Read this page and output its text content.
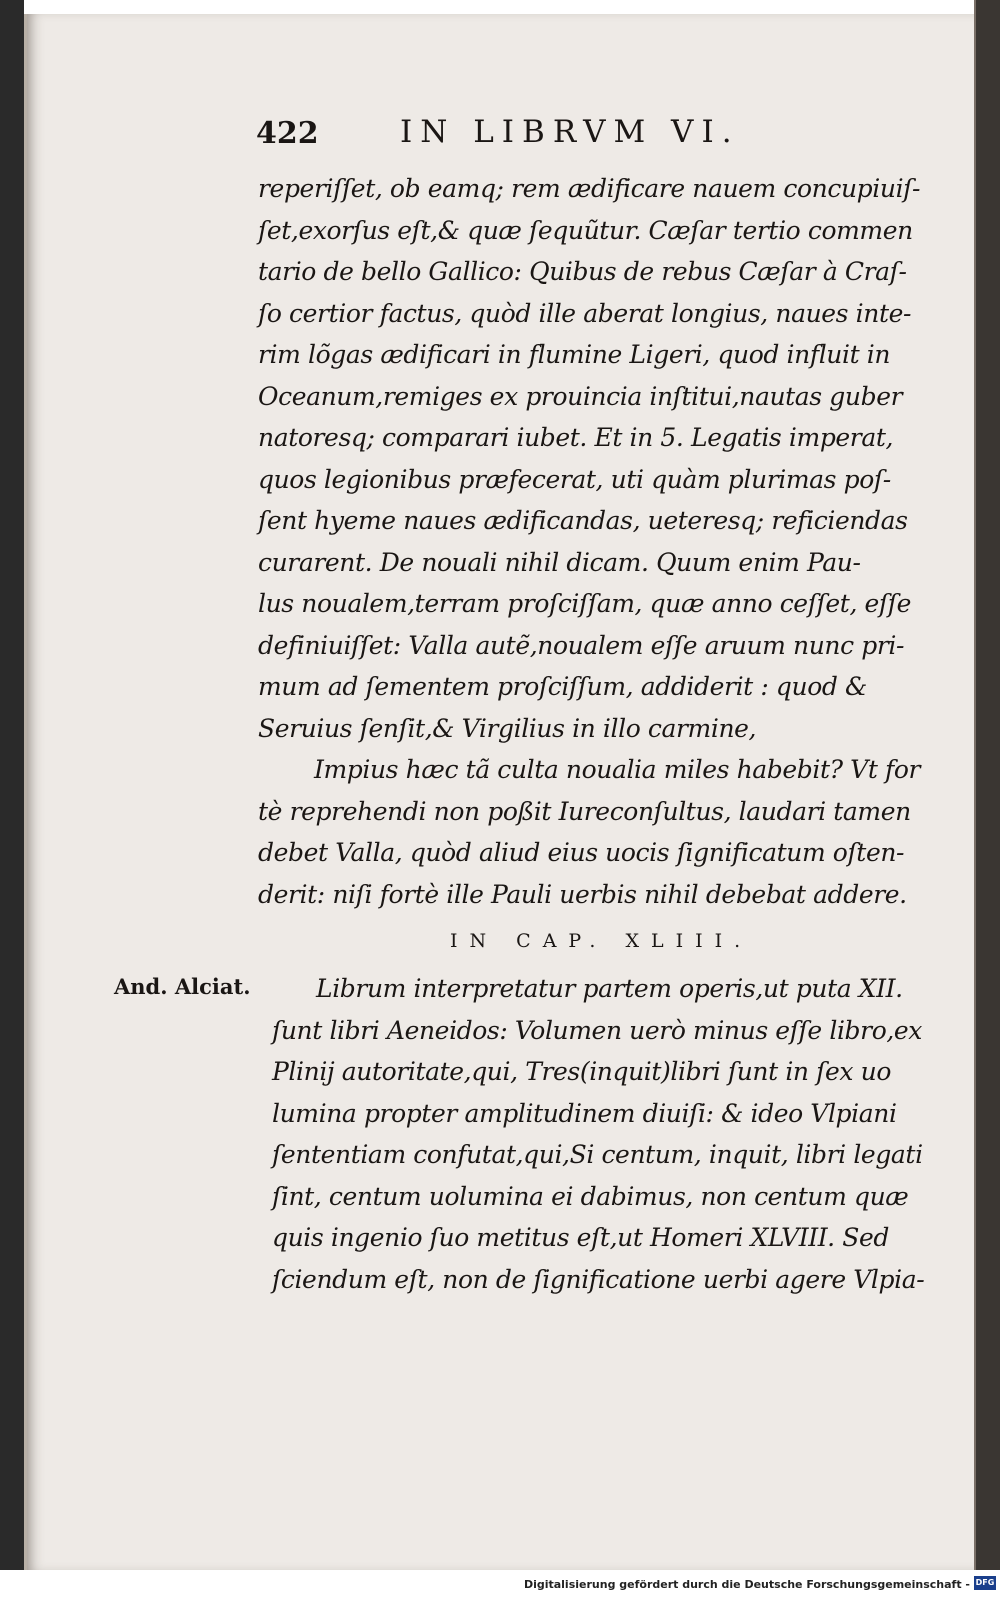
422	IN LIBRVM VI.
reperiſſet, ob eamq; rem ædificare nauem concupiuiſ-
ſet,exorſus eſt,& quæ ſequũtur. Cæſar tertio commen
tario de bello Gallico: Quibus de rebus Cæſar à Craſ-
ſo certior factus, quòd ille aberat longius, naues inte-
rim lõgas ædificari in flumine Ligeri, quod influit in
Oceanum,remiges ex prouincia inſtitui,nautas guber
natoresq; comparari iubet. Et in 5. Legatis imperat,
quos legionibus præfecerat, uti quàm plurimas poſ-
ſent hyeme naues ædificandas, ueteresq; reficiendas
curarent. De nouali nihil dicam. Quum enim Pau-
lus noualem,terram proſciſſam, quæ anno ceſſet, eſſe
definiuiſſet: Valla autẽ,noualem eſſe aruum nunc pri-
mum ad ſementem proſciſſum, addiderit : quod &
Seruius ſenſit,& Virgilius in illo carmine,
Impius hæc tã culta noualia miles habebit? Vt for
tè reprehendi non poßit Iureconſultus, laudari tamen
debet Valla, quòd aliud eius uocis ſignificatum oſten-
derit: niſi fortè ille Pauli uerbis nihil debebat addere.
IN CAP. XLIII.
And. Alciat.	Librum interpretatur partem operis,ut puta XII.
ſunt libri Aeneidos: Volumen uerò minus eſſe libro,ex
Plinij autoritate,qui, Tres(inquit)libri ſunt in ſex uo
lumina propter amplitudinem diuiſi: & ideo Vlpiani
ſententiam confutat,qui,Si centum, inquit, libri legati
ſint, centum uolumina ei dabimus, non centum quæ
quis ingenio ſuo metitus eſt,ut Homeri XLVIII. Sed
ſciendum eſt, non de ſignificatione uerbi agere Vlpia-
Digitalisierung gefördert durch die Deutsche Forschungsgemeinschaft - DFG
